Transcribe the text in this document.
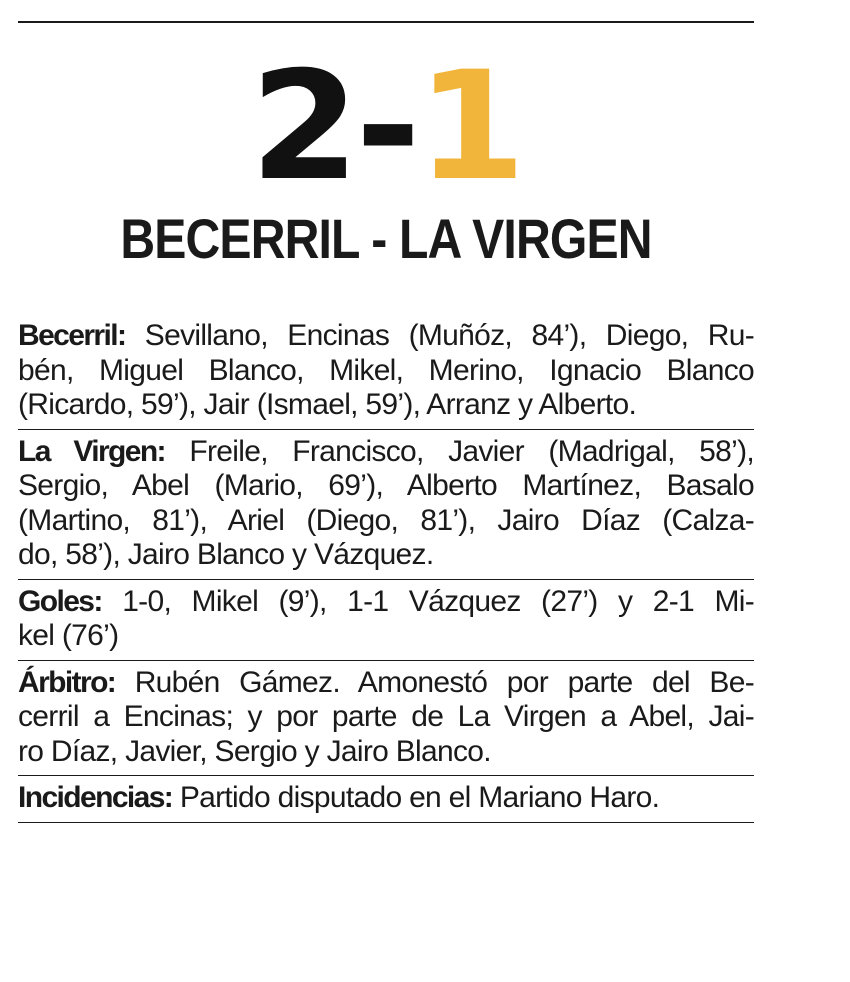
2-1
BECERRIL - LA VIRGEN
Becerril: Sevillano, Encinas (Muñóz, 84’), Diego, Ru-
bén, Miguel Blanco, Mikel, Merino, Ignacio Blanco
(Ricardo, 59’), Jair (Ismael, 59’), Arranz y Alberto.
La Virgen: Freile, Francisco, Javier (Madrigal, 58’),
Sergio, Abel (Mario, 69’), Alberto Martínez, Basalo
(Martino, 81’), Ariel (Diego, 81’), Jairo Díaz (Calza-
do, 58’), Jairo Blanco y Vázquez.
Goles: 1-0, Mikel (9’), 1-1 Vázquez (27’) y 2-1 Mi-
kel (76’)
Árbitro: Rubén Gámez. Amonestó por parte del Be-
cerril a Encinas; y por parte de La Virgen a Abel, Jai-
ro Díaz, Javier, Sergio y Jairo Blanco.
Incidencias: Partido disputado en el Mariano Haro.
